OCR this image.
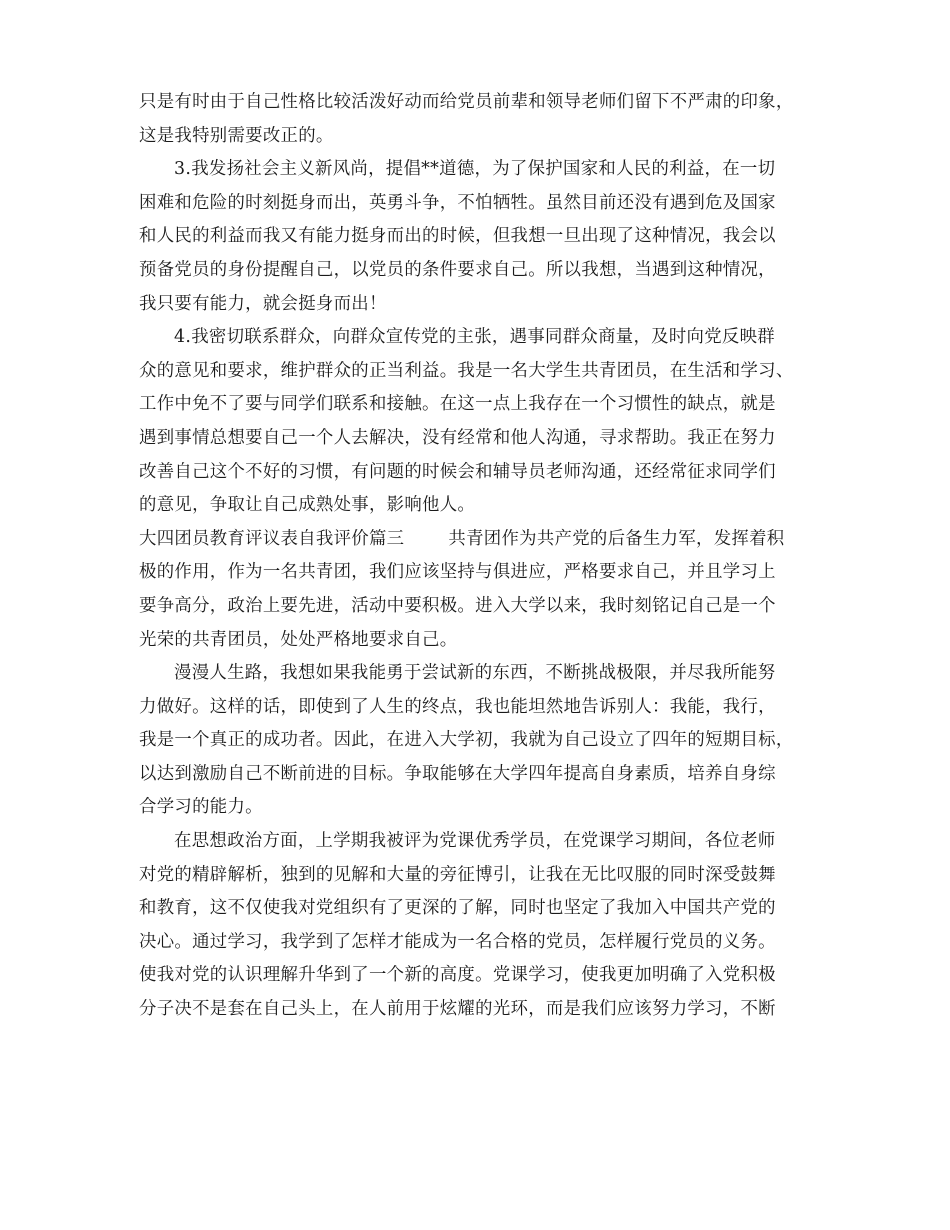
只是有时由于自己性格比较活泼好动而给党员前辈和领导老师们留下不严肃的印象，
这是我特别需要改正的。
3.我发扬社会主义新风尚，提倡**道德，为了保护国家和人民的利益，在一切
困难和危险的时刻挺身而出，英勇斗争，不怕牺牲。虽然目前还没有遇到危及国家
和人民的利益而我又有能力挺身而出的时候，但我想一旦出现了这种情况，我会以
预备党员的身份提醒自己，以党员的条件要求自己。所以我想，当遇到这种情况，
我只要有能力，就会挺身而出！
4.我密切联系群众，向群众宣传党的主张，遇事同群众商量，及时向党反映群
众的意见和要求，维护群众的正当利益。我是一名大学生共青团员，在生活和学习、
工作中免不了要与同学们联系和接触。在这一点上我存在一个习惯性的缺点，就是
遇到事情总想要自己一个人去解决，没有经常和他人沟通，寻求帮助。我正在努力
改善自己这个不好的习惯，有问题的时候会和辅导员老师沟通，还经常征求同学们
的意见，争取让自己成熟处事，影响他人。
大四团员教育评议表自我评价篇三	共青团作为共产党的后备生力军，发挥着积
极的作用，作为一名共青团，我们应该坚持与俱进应，严格要求自己，并且学习上
要争高分，政治上要先进，活动中要积极。进入大学以来，我时刻铭记自己是一个
光荣的共青团员，处处严格地要求自己。
漫漫人生路，我想如果我能勇于尝试新的东西，不断挑战极限，并尽我所能努
力做好。这样的话，即使到了人生的终点，我也能坦然地告诉别人：我能，我行，
我是一个真正的成功者。因此，在进入大学初，我就为自己设立了四年的短期目标，
以达到激励自己不断前进的目标。争取能够在大学四年提高自身素质，培养自身综
合学习的能力。
在思想政治方面，上学期我被评为党课优秀学员，在党课学习期间，各位老师
对党的精辟解析，独到的见解和大量的旁征博引，让我在无比叹服的同时深受鼓舞
和教育，这不仅使我对党组织有了更深的了解，同时也坚定了我加入中国共产党的
决心。通过学习，我学到了怎样才能成为一名合格的党员，怎样履行党员的义务。
使我对党的认识理解升华到了一个新的高度。党课学习，使我更加明确了入党积极
分子决不是套在自己头上，在人前用于炫耀的光环，而是我们应该努力学习，不断
